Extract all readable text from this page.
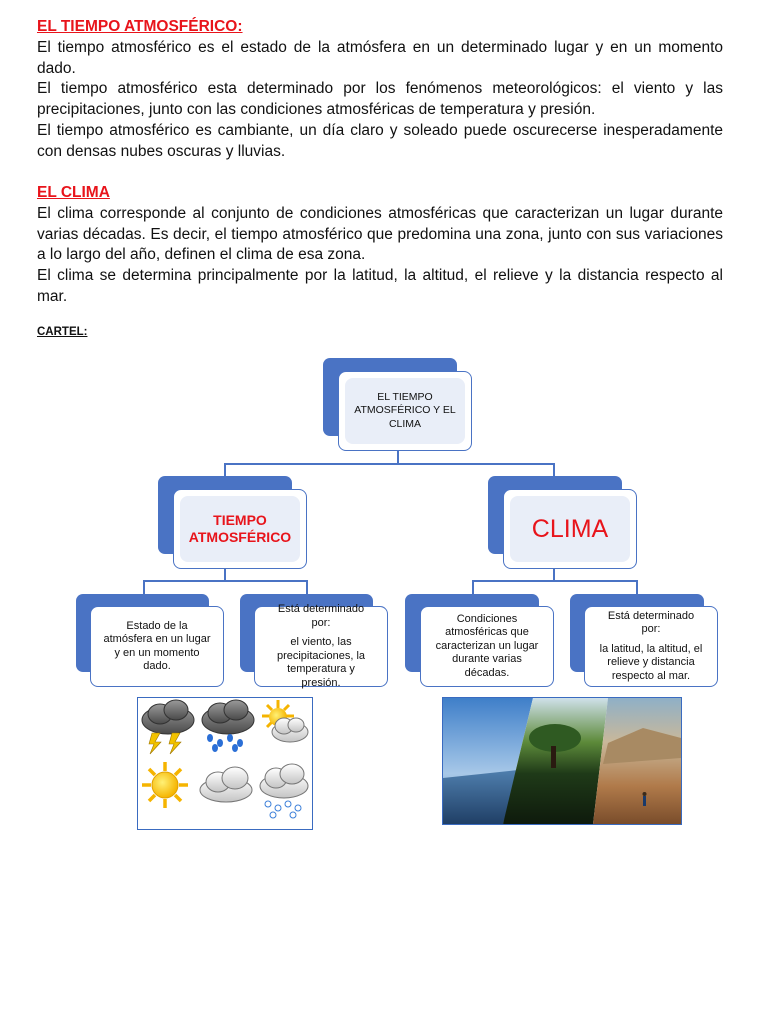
EL TIEMPO ATMOSFÉRICO:

El tiempo atmosférico es el estado de la atmósfera en un determinado lugar y en un momento dado.

El tiempo atmosférico esta determinado por los fenómenos meteorológicos: el viento y las precipitaciones, junto con las condiciones atmosféricas de temperatura y presión.

El tiempo atmosférico es cambiante, un día claro y soleado puede oscurecerse inesperadamente con densas nubes oscuras y lluvias.

EL CLIMA

El clima corresponde al conjunto de condiciones atmosféricas que caracterizan un lugar durante varias décadas. Es decir, el tiempo atmosférico que predomina una zona, junto con sus variaciones a lo largo del año, definen el clima de esa zona.

El clima se determina principalmente por la latitud, la altitud, el relieve y la distancia respecto al mar.

CARTEL:
EL TIEMPO ATMOSFÉRICO Y EL CLIMA
TIEMPO ATMOSFÉRICO	CLIMA
Estado de la atmósfera en un lugar y en un momento dado.
Está determinado por:
el viento, las precipitaciones, la temperatura y presión.
Condiciones atmosféricas que caracterizan un lugar durante varias décadas.
Está determinado por:
la latitud, la altitud, el relieve y distancia respecto al mar.
